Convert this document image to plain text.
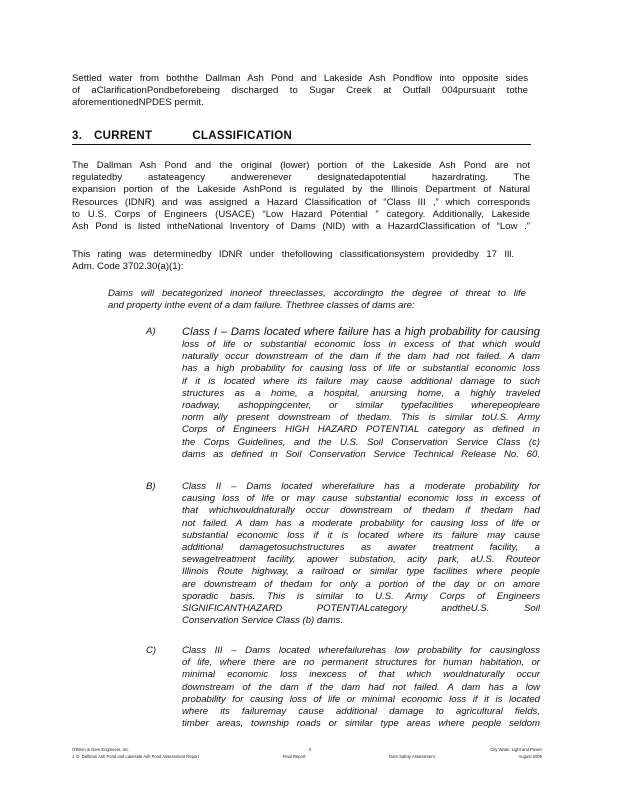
Settled water from boththe Dallman Ash Pond and Lakeside Ash Pondflow into opposite sides

of aClarificationPondbeforebeing discharged to Sugar Creek at Outfall 004pursuant tothe

aforementionedNPDES permit.

3. CURRENT	CLASSIFICATION

The Dallman Ash Pond and the original (lower) portion of the Lakeside Ash Pond are not

regulatedby astateagency andwerenever designatedapotential hazardrating. The

expansion portion of the Lakeside AshPond is regulated by the Illinois Department of Natural

Resources (IDNR) and was assigned a Hazard Classification of “Class III ,” which corresponds

to U.S. Corps of Engineers (USACE) “Low Hazard Potential ” category. Additionally, Lakeside

Ash Pond is listed intheNational Inventory of Dams (NID) with a HazardClassification of “Low .”

This rating was determinedby IDNR under thefollowing classificationsystem providedby 17 Ill.

Adm. Code 3702.30(a)(1):

Dams will becategorized inoneof threeclasses, accordingto the degree of threat to life

and property inthe event of a dam failure. Thethree classes of dams are:

A) Class I – Dams located where failure has a high probability for causing

loss of life or substantial economic loss in excess of that which would

naturally occur downstream of the dam if the dam had not failed. A dam

has a high probability for causing loss of life or substantial economic loss

if it is located where its failure may cause additional damage to such

structures as a home, a hospital, anursing home, a highly traveled

roadway, ashoppingcenter, or similar typefacilities wherepeopleare

norm ally present downstream of thedam. This is similar toU.S. Army

Corps of Engineers HIGH HAZARD POTENTIAL category as defined in

the Corps Guidelines, and the U.S. Soil Conservation Service Class (c)

dams as defined in Soil Conservation Service Technical Release No. 60.

B)	Class II – Dams located wherefailure has a moderate probability for

causing loss of life or may cause substantial economic loss in excess of

that whichwouldnaturally occur downstream of thedam if thedam had

not failed. A dam has a moderate probability for causing loss of life or

substantial economic loss if it is located where its failure may cause

additional damagetosuchstructures as awater treatment facility, a

sewagetreatment facility, apower substation, acity park, aU.S. Routeor

Illinois Route highway, a railroad or similar type facilities where people

are downstream of thedam for only a portion of the day or on amore

sporadic basis. This is similar to U.S. Army Corps of Engineers

SIGNIFICANTHAZARD POTENTIALcategory andtheU.S. Soil

Conservation Service Class (b) dams.

C)	Class III – Dams located wherefailurehas low probability for causingloss

of life, where there are no permanent structures for human habitation, or

minimal economic loss inexcess of that which wouldnaturally occur

downstream of the dam if the dam had not failed. A dam has a low

probability for causing loss of life or minimal economic loss if it is located

where its failuremay cause additional damage to agricultural fields,

timber areas, township roads or similar type areas where people seldom

O'Brien & Gere Engineers, Inc.	3	City Water, Light and Power
J. D. Dallman Ash Pond and Lakeside Ash Pond Assessment Report	Final Report	Dam Safety Assessment	August 2009
